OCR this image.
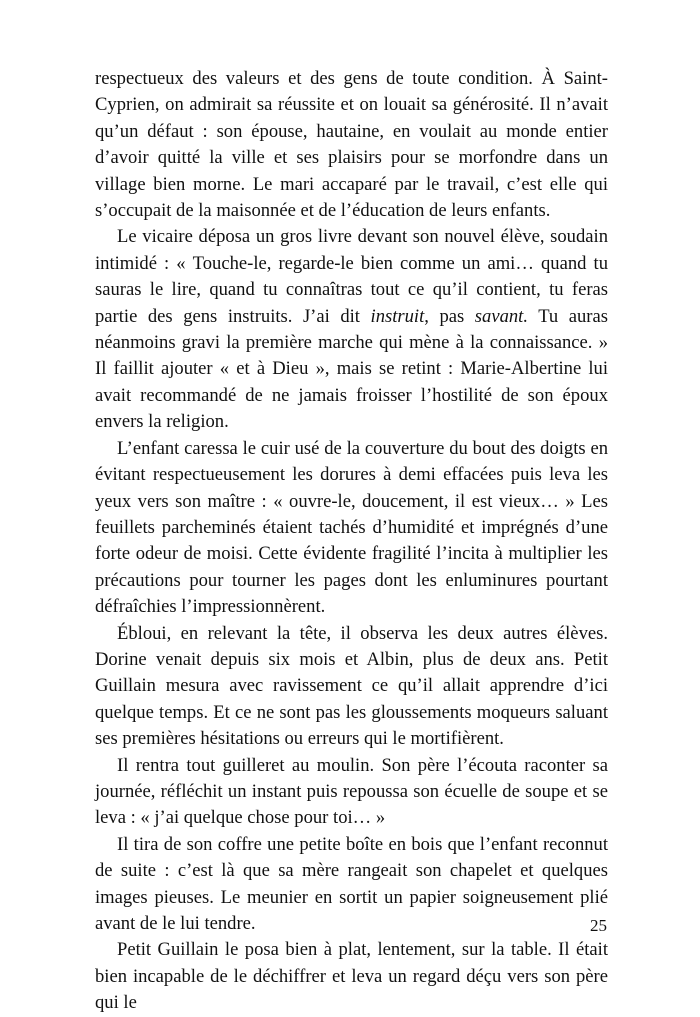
respectueux des valeurs et des gens de toute condition. À Saint-Cyprien, on admirait sa réussite et on louait sa générosité. Il n’avait qu’un défaut : son épouse, hautaine, en voulait au monde entier d’avoir quitté la ville et ses plaisirs pour se morfondre dans un village bien morne. Le mari accaparé par le travail, c’est elle qui s’occupait de la maisonnée et de l’éducation de leurs enfants.

Le vicaire déposa un gros livre devant son nouvel élève, soudain intimidé : « Touche-le, regarde-le bien comme un ami… quand tu sauras le lire, quand tu connaîtras tout ce qu’il contient, tu feras partie des gens instruits. J’ai dit instruit, pas savant. Tu auras néanmoins gravi la première marche qui mène à la connaissance. » Il faillit ajouter « et à Dieu », mais se retint : Marie-Albertine lui avait recommandé de ne jamais froisser l’hostilité de son époux envers la religion.

L’enfant caressa le cuir usé de la couverture du bout des doigts en évitant respectueusement les dorures à demi effacées puis leva les yeux vers son maître : « ouvre-le, doucement, il est vieux… » Les feuillets parcheminés étaient tachés d’humidité et imprégnés d’une forte odeur de moisi. Cette évidente fragilité l’incita à multiplier les précautions pour tourner les pages dont les enluminures pourtant défraîchies l’impressionnèrent.

Ébloui, en relevant la tête, il observa les deux autres élèves. Dorine venait depuis six mois et Albin, plus de deux ans. Petit Guillain mesura avec ravissement ce qu’il allait apprendre d’ici quelque temps. Et ce ne sont pas les gloussements moqueurs saluant ses premières hésitations ou erreurs qui le mortifièrent.

Il rentra tout guilleret au moulin. Son père l’écouta raconter sa journée, réfléchit un instant puis repoussa son écuelle de soupe et se leva : « j’ai quelque chose pour toi… »

Il tira de son coffre une petite boîte en bois que l’enfant reconnut de suite : c’est là que sa mère rangeait son chapelet et quelques images pieuses. Le meunier en sortit un papier soigneusement plié avant de le lui tendre.

Petit Guillain le posa bien à plat, lentement, sur la table. Il était bien incapable de le déchiffrer et leva un regard déçu vers son père qui le

25
